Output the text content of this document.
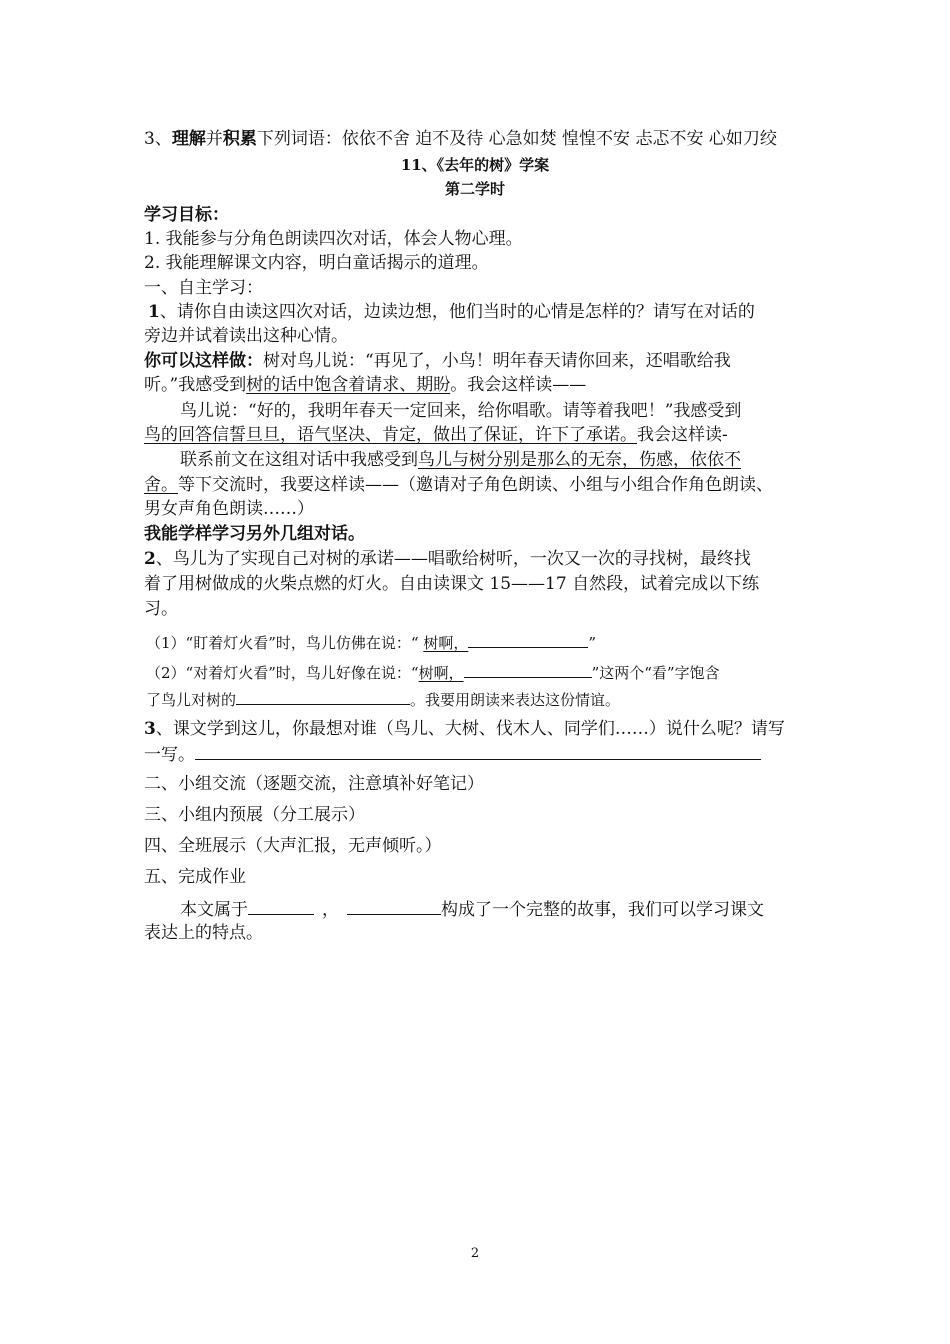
3、理解并积累下列词语：依依不舍 迫不及待 心急如焚 惶惶不安 忐忑不安 心如刀绞
11、《去年的树》学案
第二学时
学习目标：
1. 我能参与分角色朗读四次对话，体会人物心理。
2. 我能理解课文内容，明白童话揭示的道理。
一、自主学习：
1、请你自由读这四次对话，边读边想，他们当时的心情是怎样的？请写在对话的
旁边并试着读出这种心情。
你可以这样做：树对鸟儿说：“再见了，小鸟！明年春天请你回来，还唱歌给我
听。”我感受到树的话中饱含着请求、期盼。我会这样读——
鸟儿说：“好的，我明年春天一定回来，给你唱歌。请等着我吧！”我感受到
鸟的回答信誓旦旦，语气坚决、肯定，做出了保证，许下了承诺。我会这样读-
联系前文在这组对话中我感受到鸟儿与树分别是那么的无奈，伤感，依依不
舍。等下交流时，我要这样读——（邀请对子角色朗读、小组与小组合作角色朗读、
男女声角色朗读……）
我能学样学习另外几组对话。
2、鸟儿为了实现自己对树的承诺——唱歌给树听，一次又一次的寻找树，最终找
着了用树做成的火柴点燃的灯火。自由读课文 15——17 自然段，试着完成以下练
习。
（1）“盯着灯火看”时，鸟儿仿佛在说：“ 树啊，	”
（2）“对着灯火看”时，鸟儿好像在说：“树啊，	”这两个“看”字饱含
了鸟儿对树的	。我要用朗读来表达这份情谊。
3、课文学到这儿，你最想对谁（鸟儿、大树、伐木人、同学们……）说什么呢？请写
一写。
二、小组交流（逐题交流，注意填补好笔记）
三、小组内预展（分工展示）
四、全班展示（大声汇报，无声倾听。）
五、完成作业
本文属于	，	构成了一个完整的故事，我们可以学习课文
表达上的特点。
2
